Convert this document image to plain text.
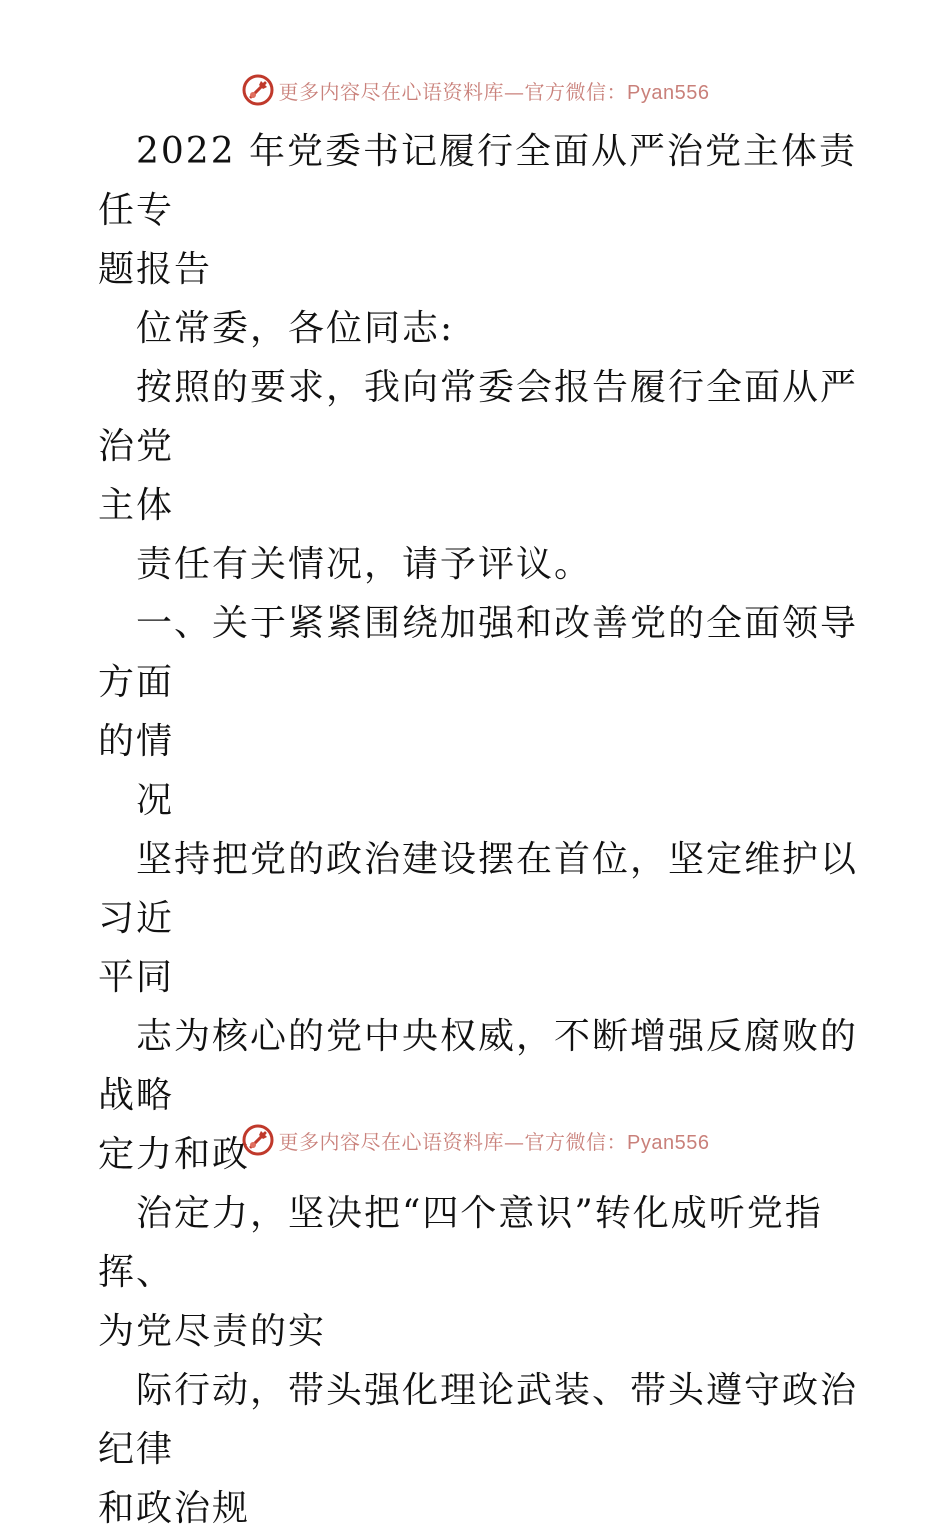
更多内容尽在心语资料库—官方微信：Pyan556

2022 年党委书记履行全面从严治党主体责任专

题报告

位常委，各位同志:

按照的要求，我向常委会报告履行全面从严治党

主体

责任有关情况，请予评议。

一、关于紧紧围绕加强和改善党的全面领导方面

的情

况

坚持把党的政治建设摆在首位，坚定维护以习近

平同

志为核心的党中央权威，不断增强反腐败的战略

定力和政

治定力，坚决把“四个意识”转化成听党指挥、

为党尽责的实

际行动，带头强化理论武装、带头遵守政治纪律

和政治规

更多内容尽在心语资料库—官方微信：Pyan556
